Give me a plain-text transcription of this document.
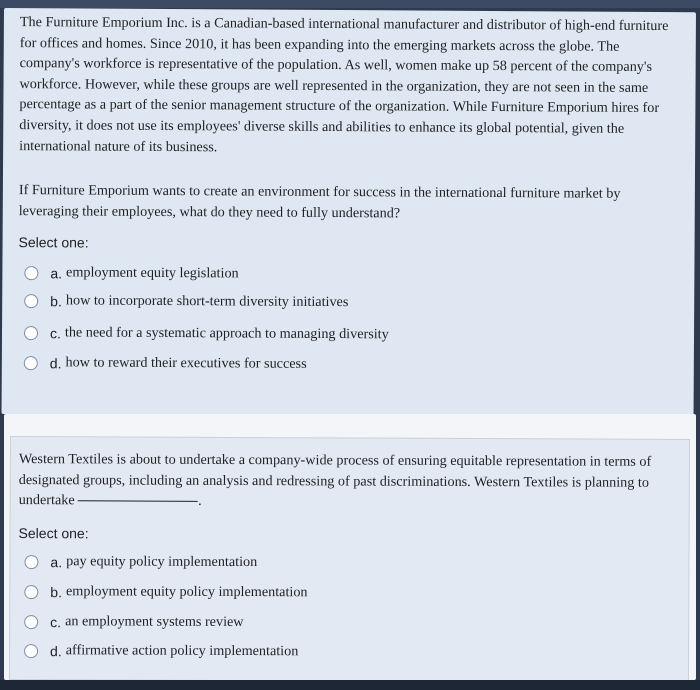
The Furniture Emporium Inc. is a Canadian-based international manufacturer and distributor of high-end furniture for offices and homes. Since 2010, it has been expanding into the emerging markets across the globe. The company's workforce is representative of the population. As well, women make up 58 percent of the company's workforce. However, while these groups are well represented in the organization, they are not seen in the same percentage as a part of the senior management structure of the organization. While Furniture Emporium hires for diversity, it does not use its employees' diverse skills and abilities to enhance its global potential, given the international nature of its business.

If Furniture Emporium wants to create an environment for success in the international furniture market by leveraging their employees, what do they need to fully understand?

Select one:
a. employment equity legislation
b. how to incorporate short-term diversity initiatives
c. the need for a systematic approach to managing diversity
d. how to reward their executives for success

Western Textiles is about to undertake a company-wide process of ensuring equitable representation in terms of designated groups, including an analysis and redressing of past discriminations. Western Textiles is planning to undertake	.

Select one:
a. pay equity policy implementation
b. employment equity policy implementation
c. an employment systems review
d. affirmative action policy implementation
